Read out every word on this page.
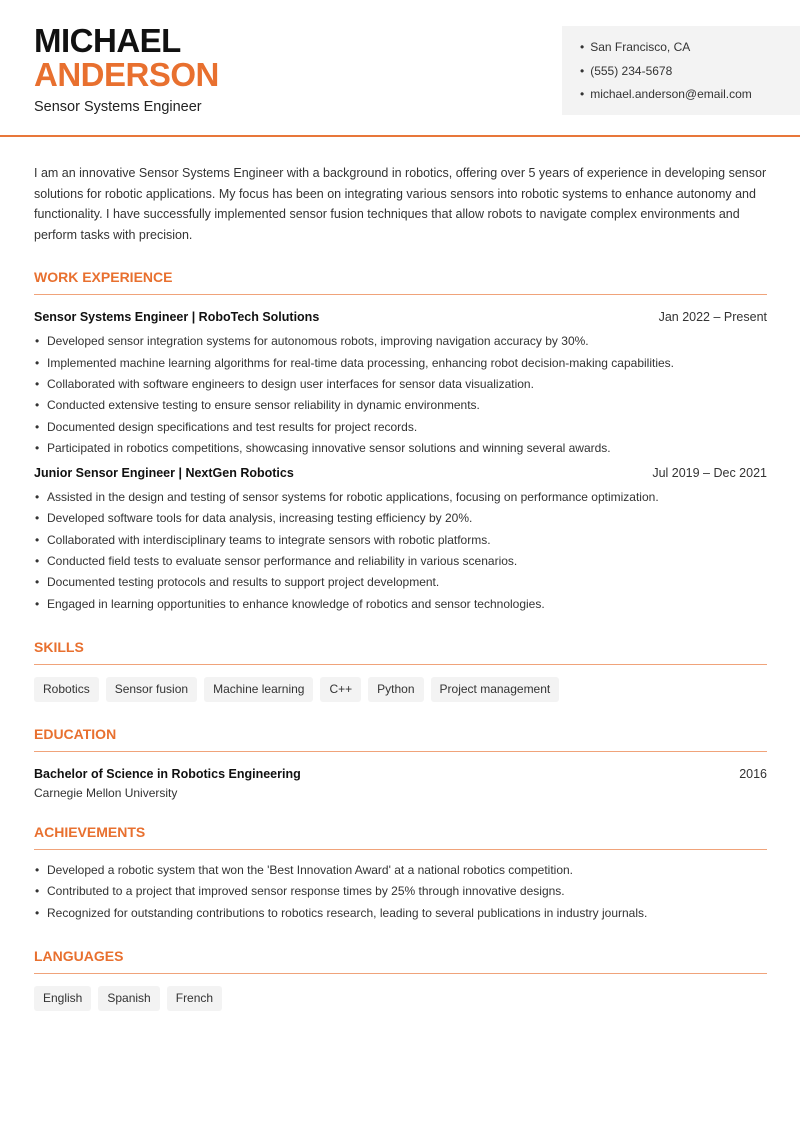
MICHAEL
ANDERSON
Sensor Systems Engineer
• San Francisco, CA
• (555) 234-5678
• michael.anderson@email.com

I am an innovative Sensor Systems Engineer with a background in robotics, offering over 5 years of experience in developing sensor solutions for robotic applications. My focus has been on integrating various sensors into robotic systems to enhance autonomy and functionality. I have successfully implemented sensor fusion techniques that allow robots to navigate complex environments and perform tasks with precision.

WORK EXPERIENCE
Sensor Systems Engineer | RoboTech Solutions	Jan 2022 – Present
• Developed sensor integration systems for autonomous robots, improving navigation accuracy by 30%.
• Implemented machine learning algorithms for real-time data processing, enhancing robot decision-making capabilities.
• Collaborated with software engineers to design user interfaces for sensor data visualization.
• Conducted extensive testing to ensure sensor reliability in dynamic environments.
• Documented design specifications and test results for project records.
• Participated in robotics competitions, showcasing innovative sensor solutions and winning several awards.
Junior Sensor Engineer | NextGen Robotics	Jul 2019 – Dec 2021
• Assisted in the design and testing of sensor systems for robotic applications, focusing on performance optimization.
• Developed software tools for data analysis, increasing testing efficiency by 20%.
• Collaborated with interdisciplinary teams to integrate sensors with robotic platforms.
• Conducted field tests to evaluate sensor performance and reliability in various scenarios.
• Documented testing protocols and results to support project development.
• Engaged in learning opportunities to enhance knowledge of robotics and sensor technologies.
SKILLS
Robotics	Sensor fusion	Machine learning	C++	Python	Project management
EDUCATION
Bachelor of Science in Robotics Engineering	2016
Carnegie Mellon University
ACHIEVEMENTS
• Developed a robotic system that won the 'Best Innovation Award' at a national robotics competition.
• Contributed to a project that improved sensor response times by 25% through innovative designs.
• Recognized for outstanding contributions to robotics research, leading to several publications in industry journals.
LANGUAGES
English	Spanish	French
